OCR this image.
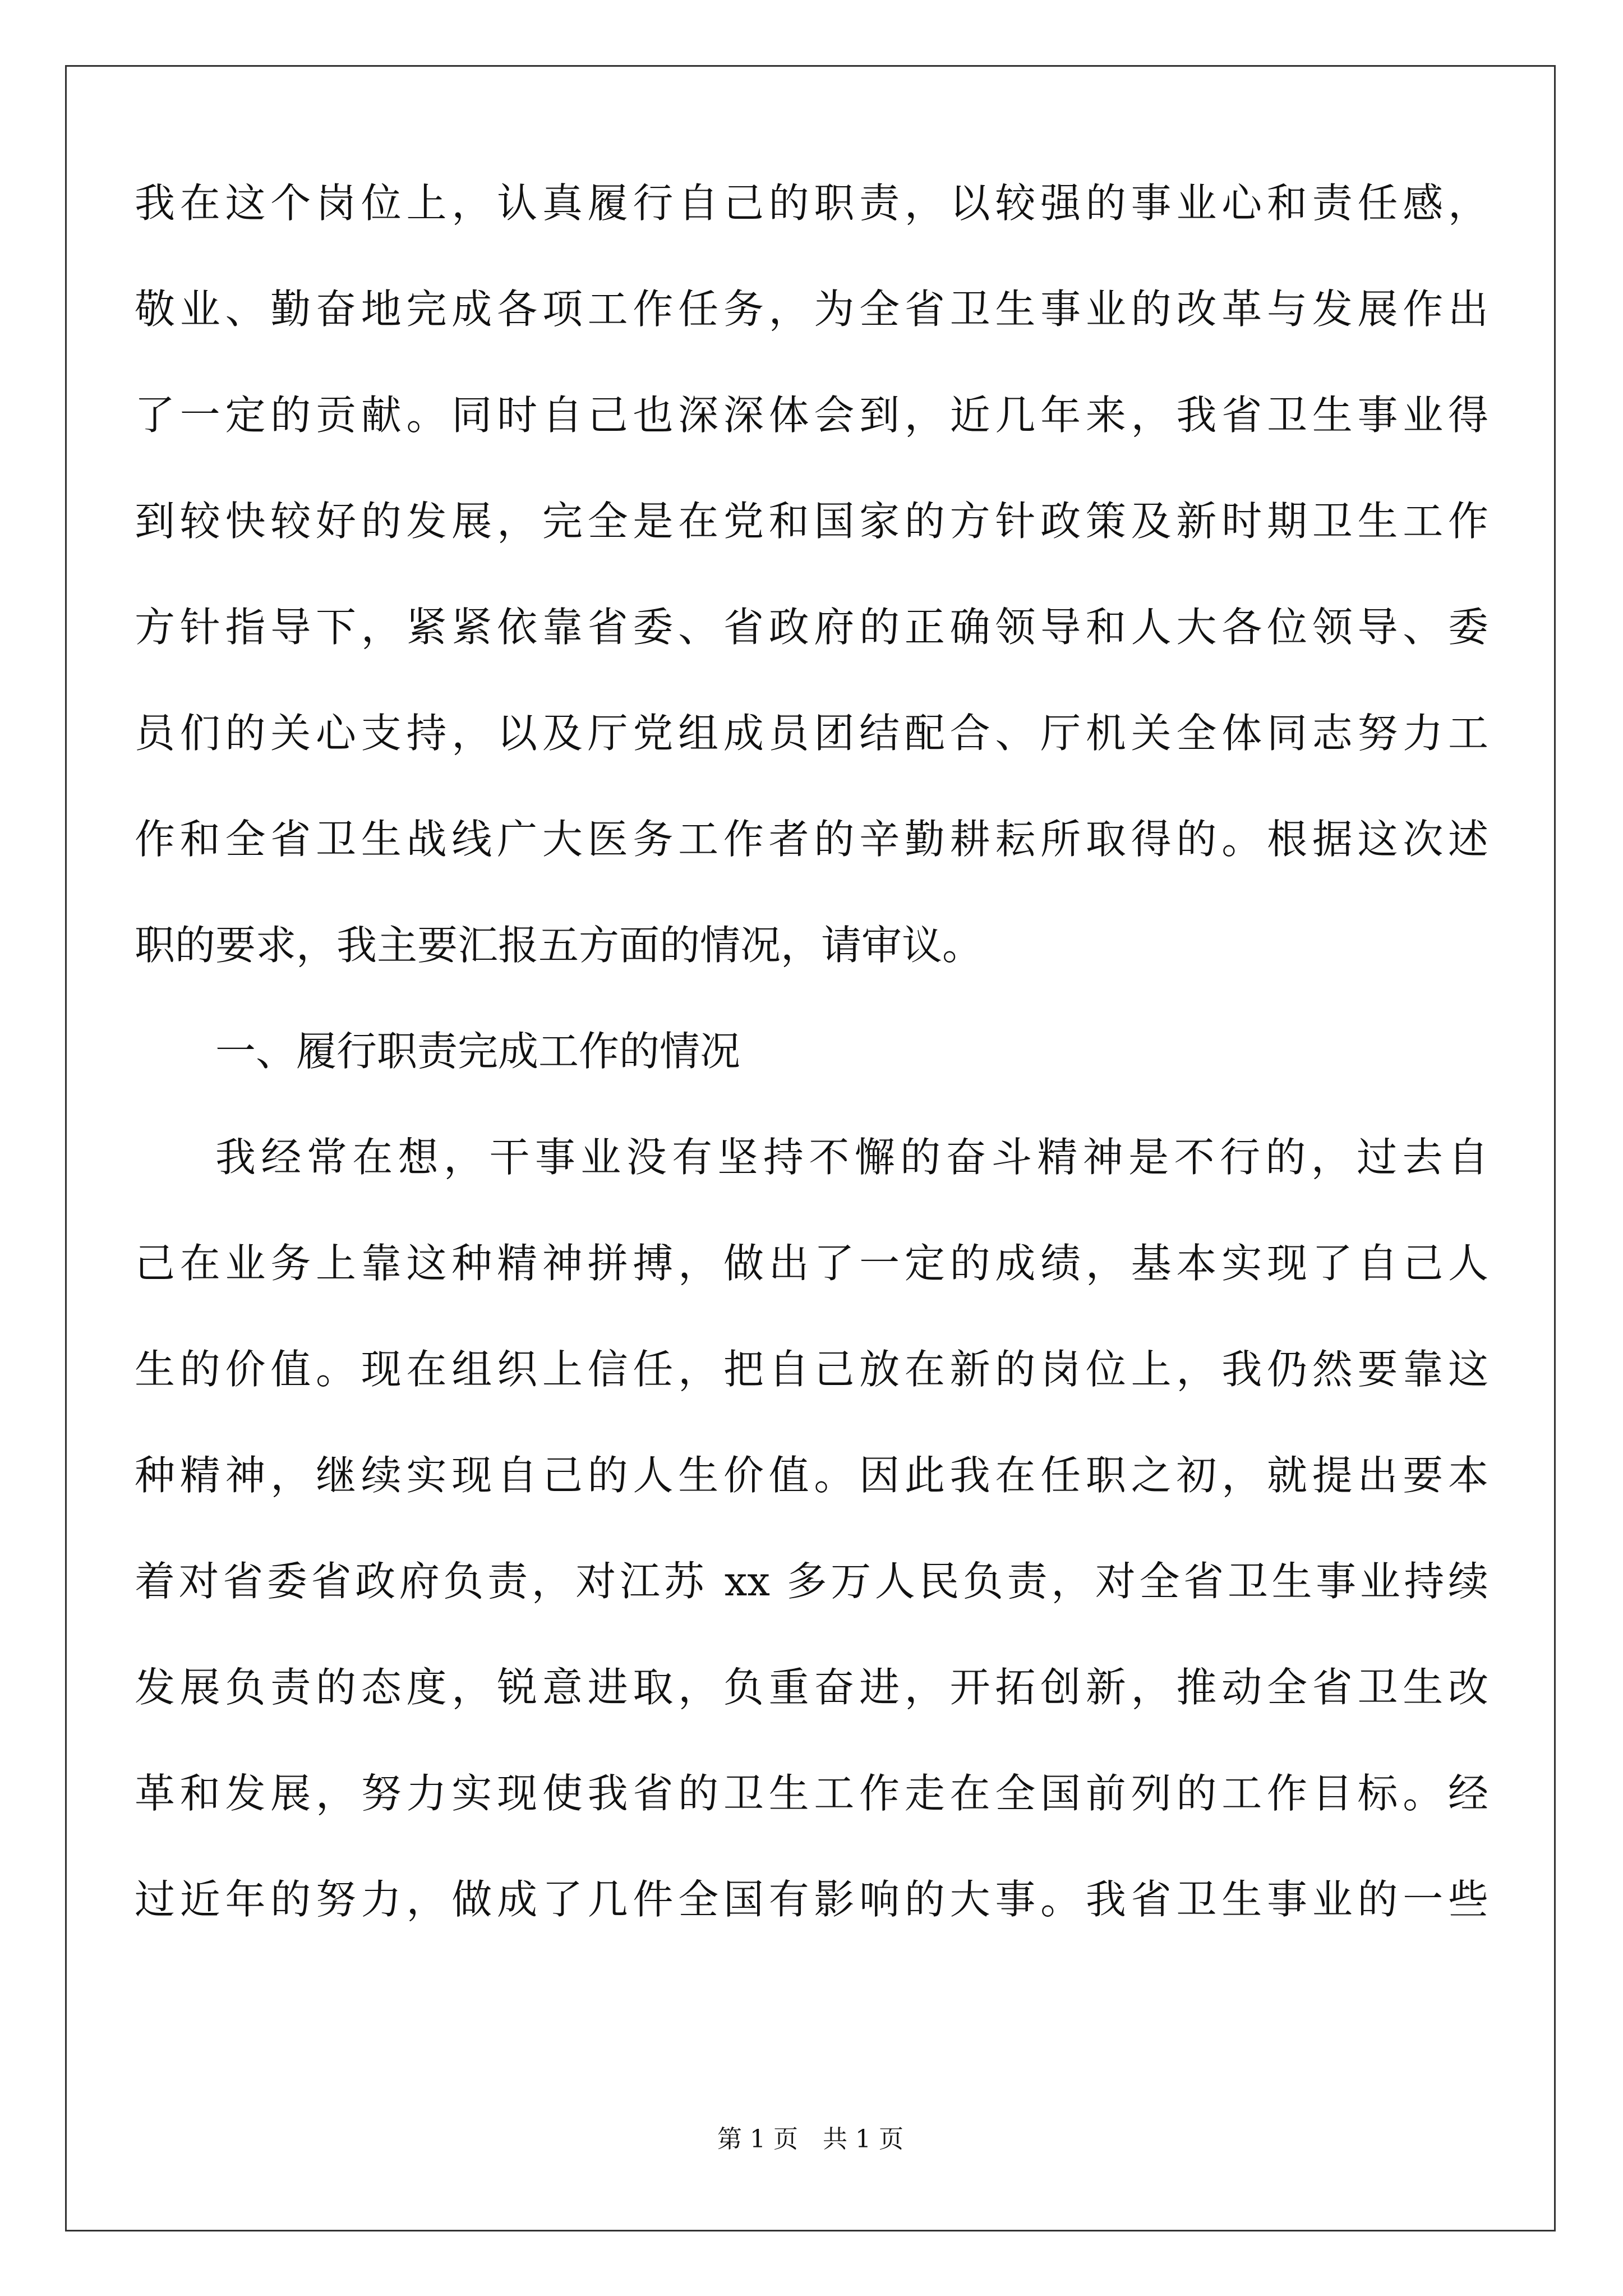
我在这个岗位上，认真履行自己的职责，以较强的事业心和责任感，

敬业、勤奋地完成各项工作任务，为全省卫生事业的改革与发展作出

了一定的贡献。同时自己也深深体会到，近几年来，我省卫生事业得

到较快较好的发展，完全是在党和国家的方针政策及新时期卫生工作

方针指导下，紧紧依靠省委、省政府的正确领导和人大各位领导、委

员们的关心支持，以及厅党组成员团结配合、厅机关全体同志努力工

作和全省卫生战线广大医务工作者的辛勤耕耘所取得的。根据这次述

职的要求，我主要汇报五方面的情况，请审议。

一、履行职责完成工作的情况

我经常在想，干事业没有坚持不懈的奋斗精神是不行的，过去自

己在业务上靠这种精神拼搏，做出了一定的成绩，基本实现了自己人

生的价值。现在组织上信任，把自己放在新的岗位上，我仍然要靠这

种精神，继续实现自己的人生价值。因此我在任职之初，就提出要本

着对省委省政府负责，对江苏 xx 多万人民负责，对全省卫生事业持续

发展负责的态度，锐意进取，负重奋进，开拓创新，推动全省卫生改

革和发展，努力实现使我省的卫生工作走在全国前列的工作目标。经

过近年的努力，做成了几件全国有影响的大事。我省卫生事业的一些

第 1 页　共 1 页
